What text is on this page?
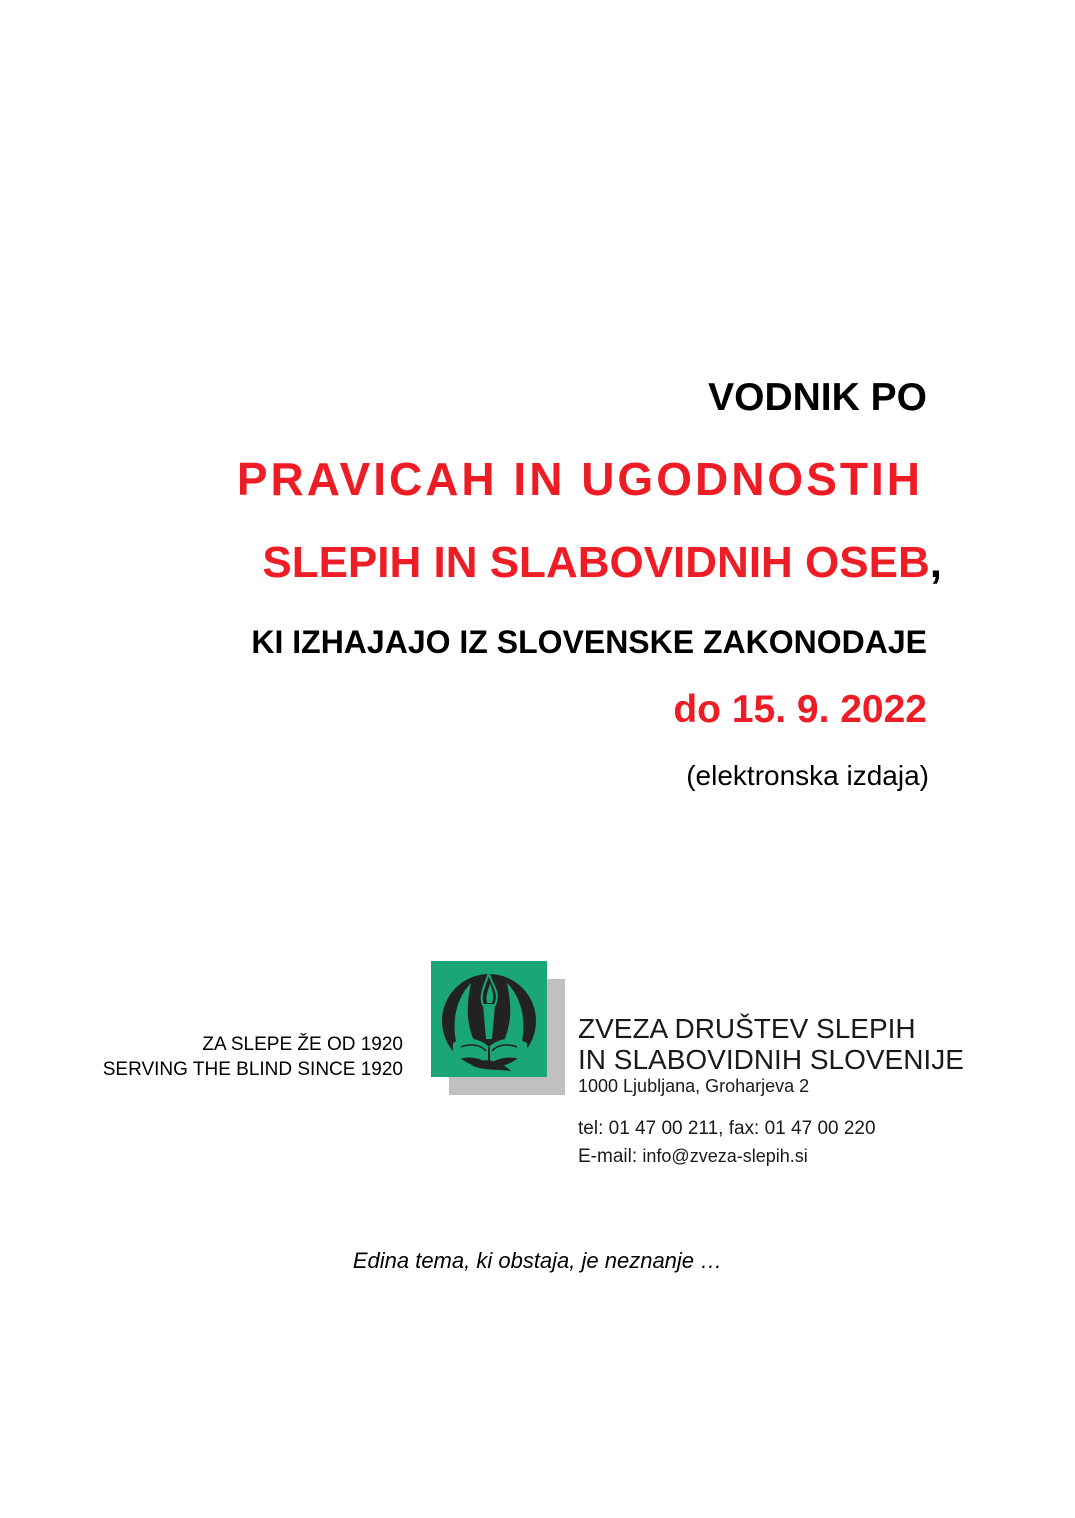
VODNIK PO
PRAVICAH IN UGODNOSTIH
SLEPIH IN SLABOVIDNIH OSEB,
KI IZHAJAJO IZ SLOVENSKE ZAKONODAJE
do 15. 9. 2022
(elektronska izdaja)
ZA SLEPE ŽE OD 1920
SERVING THE BLIND SINCE 1920
ZVEZA DRUŠTEV SLEPIH
IN SLABOVIDNIH SLOVENIJE
1000 Ljubljana, Groharjeva 2
tel: 01 47 00 211, fax: 01 47 00 220
E-mail: info@zveza-slepih.si
Edina tema, ki obstaja, je neznanje …
